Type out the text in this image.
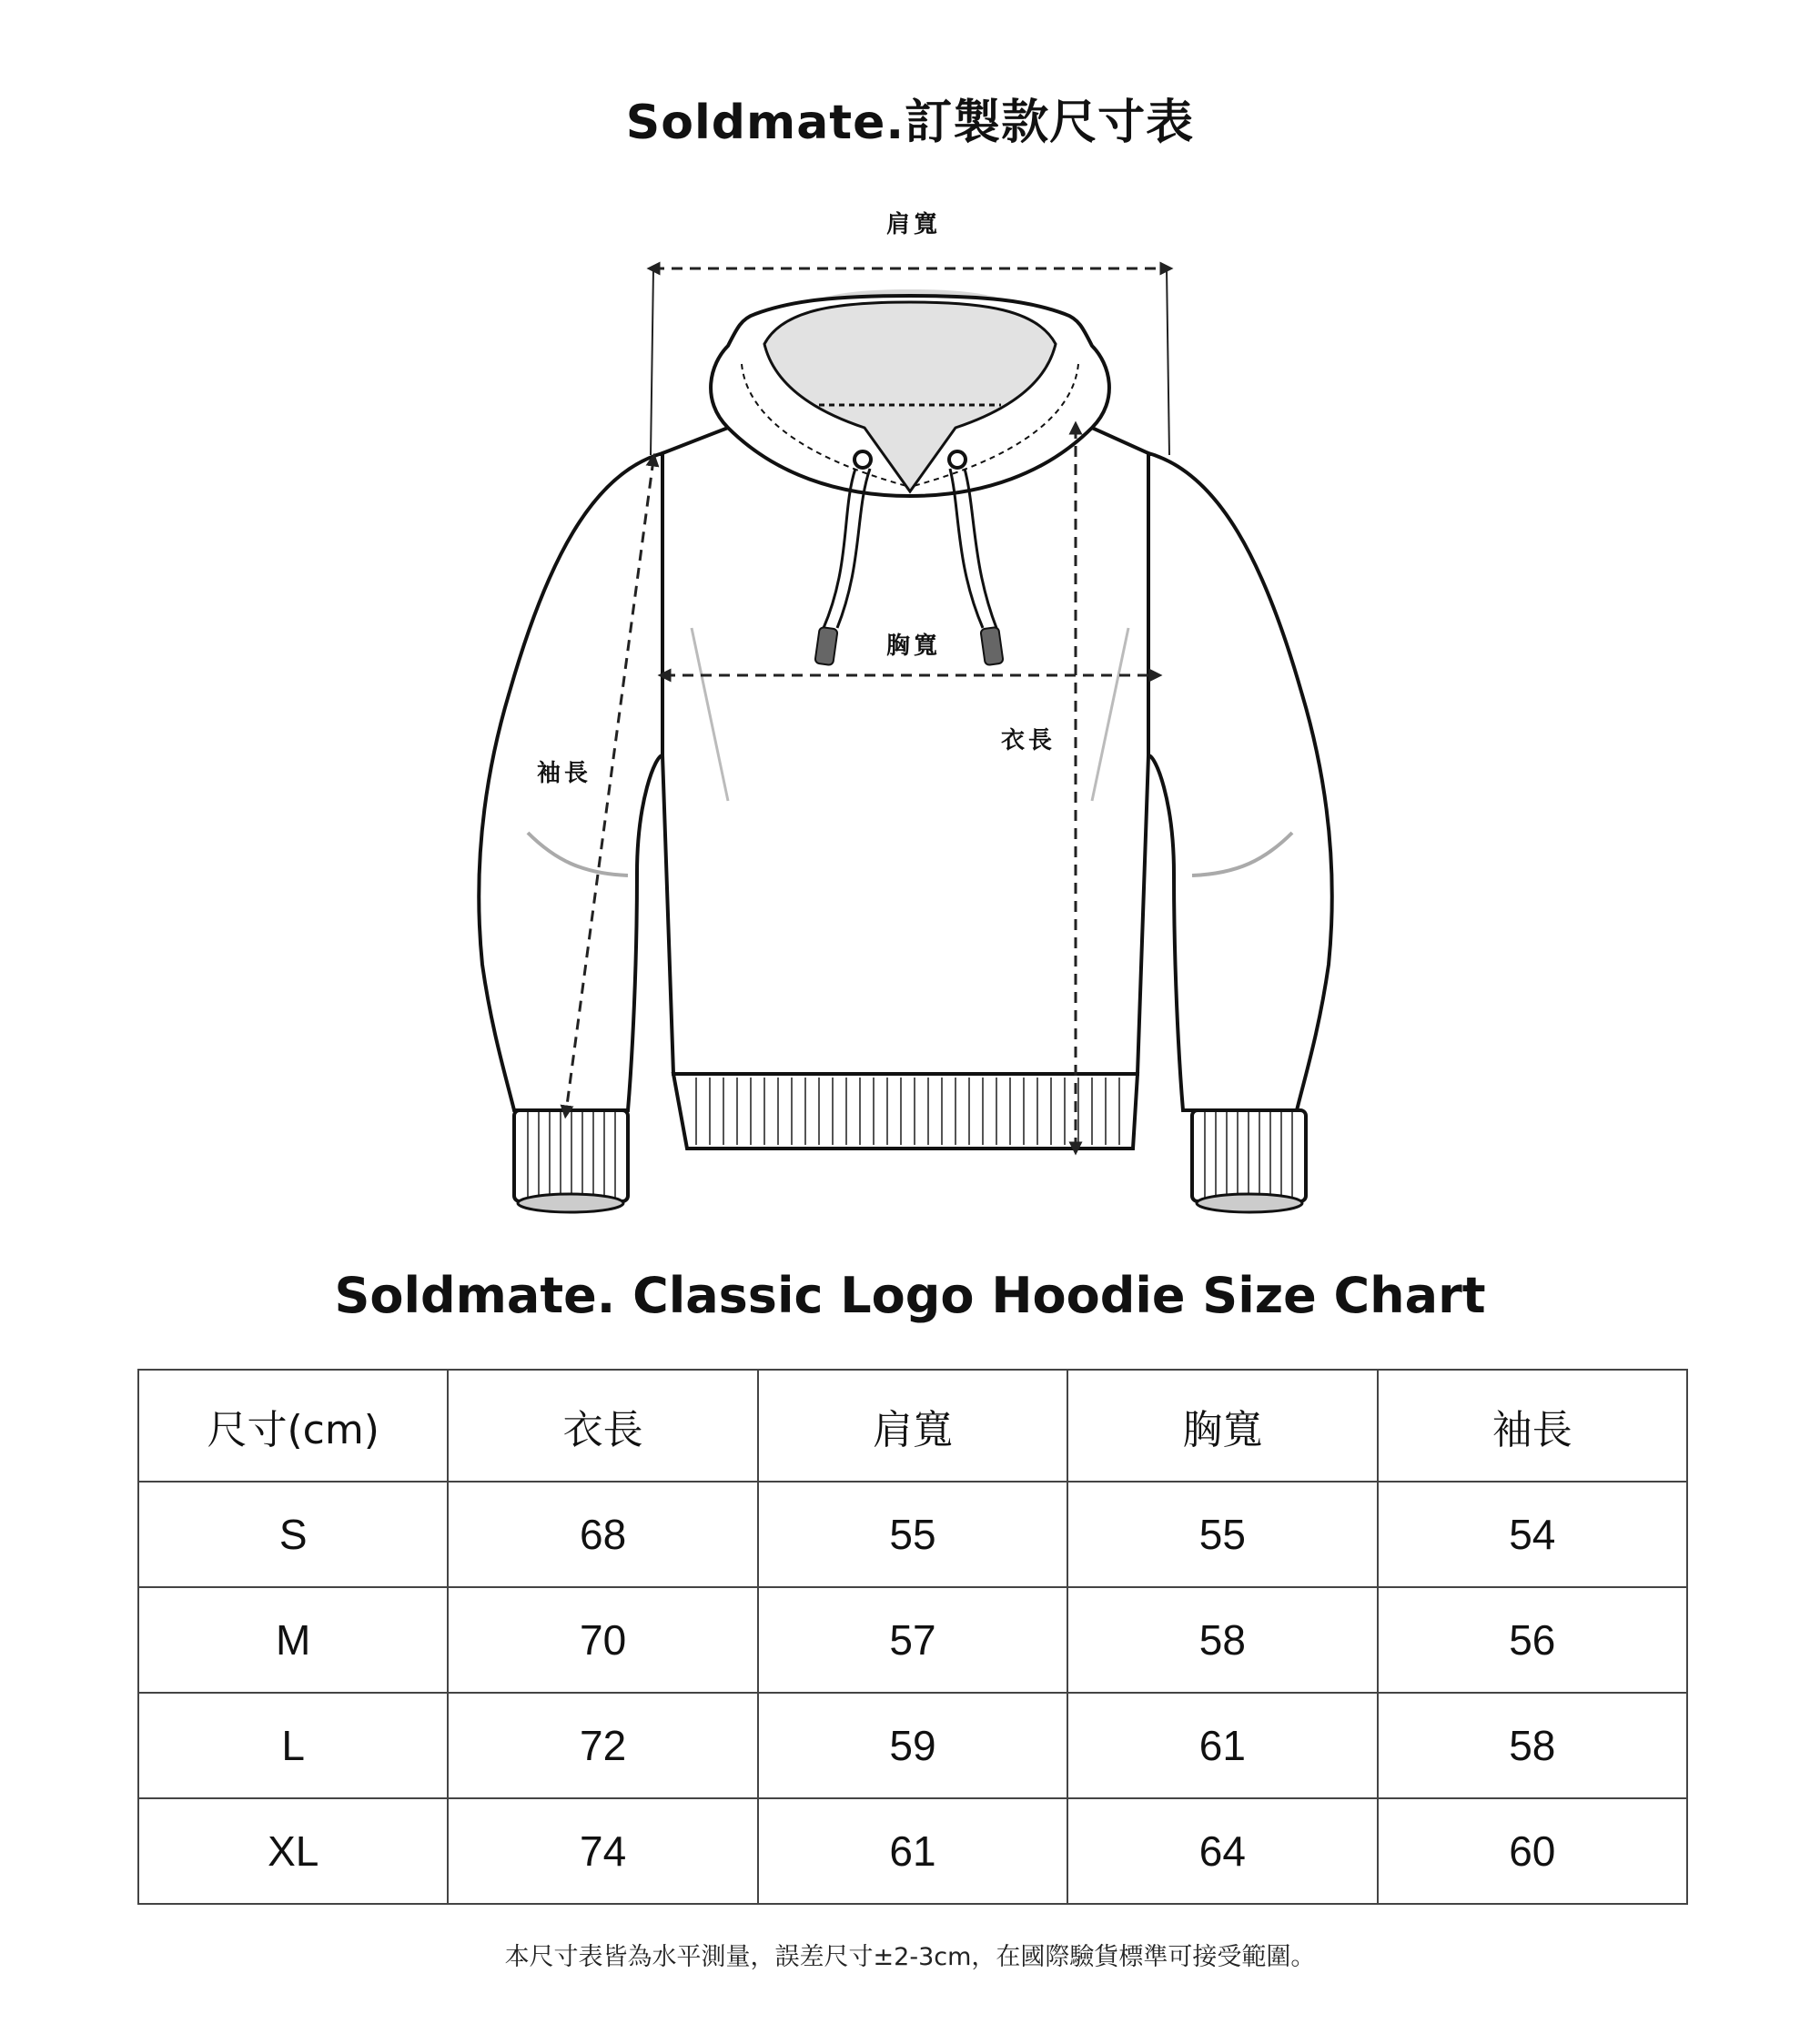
Soldmate.訂製款尺寸表
肩寬
胸寬
衣長
袖長
Soldmate. Classic Logo Hoodie Size Chart
尺寸(cm)	衣長	肩寬	胸寬	袖長
S	68	55	55	54
M	70	57	58	56
L	72	59	61	58
XL	74	61	64	60
本尺寸表皆為水平測量，誤差尺寸±2-3cm，在國際驗貨標準可接受範圍。
